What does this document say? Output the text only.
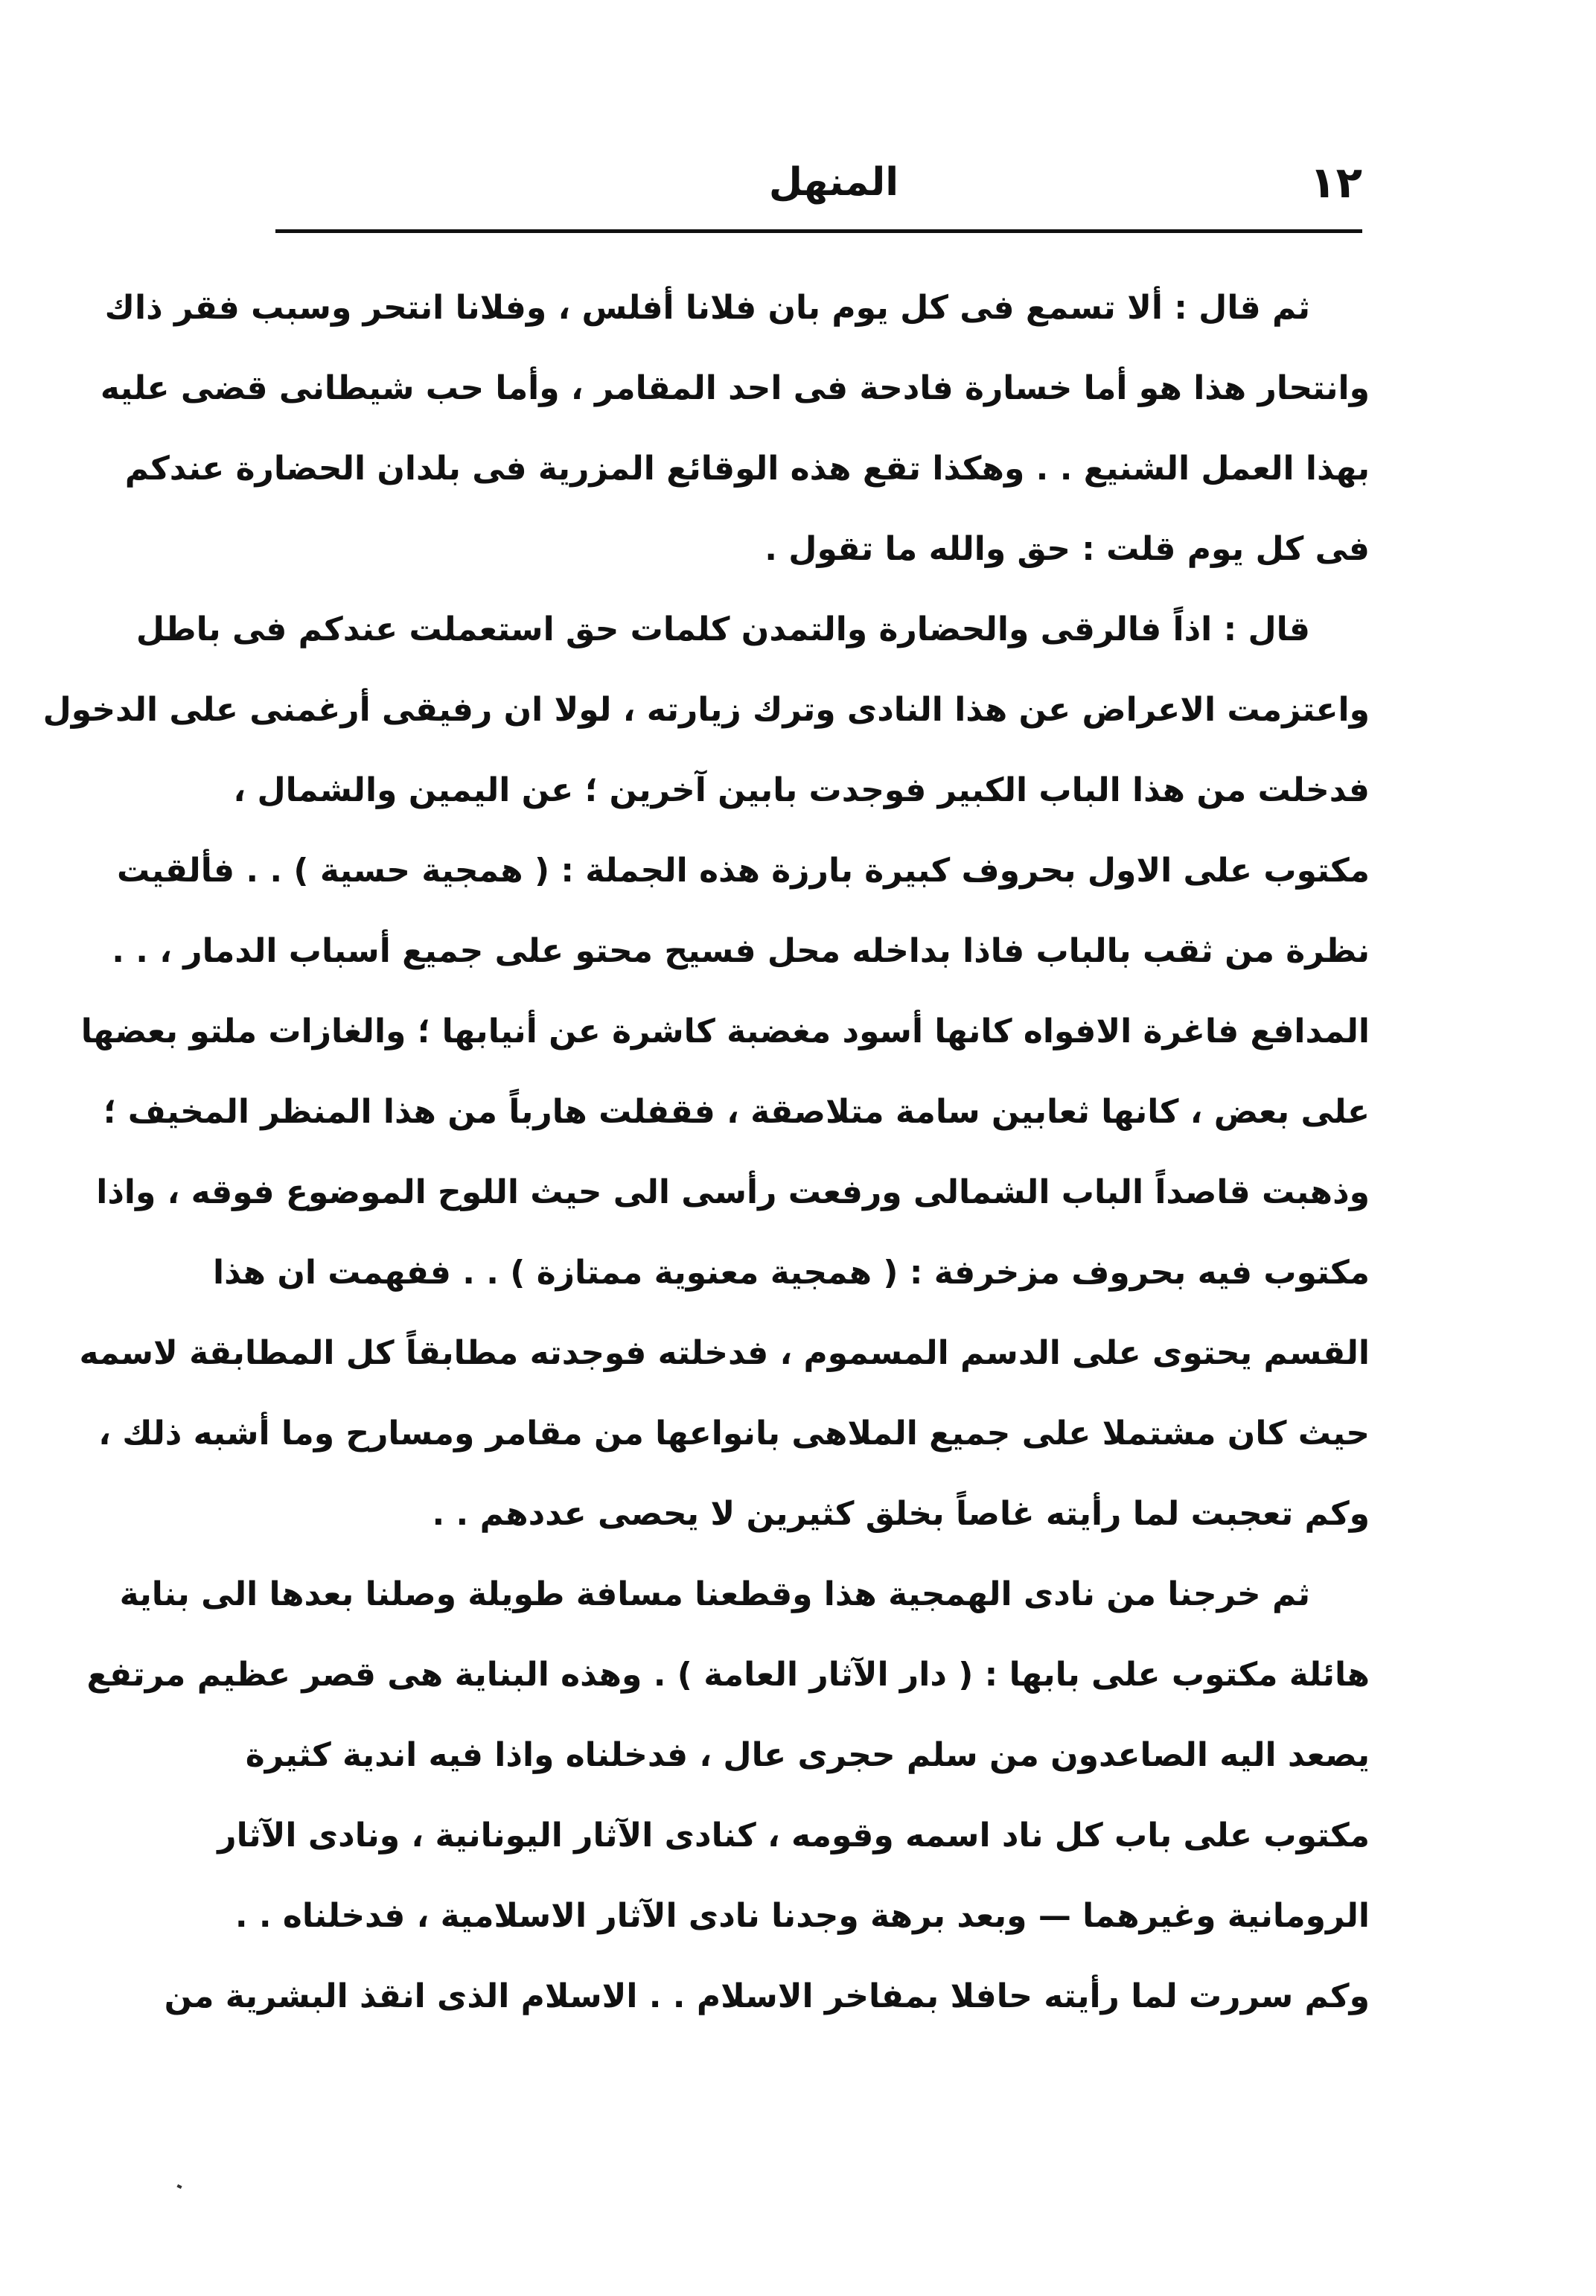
١٢
المنهل
ثم قال : ألا تسمع فى كل يوم بان فلانا أفلس ، وفلانا انتحر وسبب فقر ذاك
وانتحار هذا هو أما خسارة فادحة فى احد المقامر ، وأما حب شيطانى قضى عليه
بهذا العمل الشنيع . . وهكذا تقع هذه الوقائع المزرية فى بلدان الحضارة عندكم
فى كل يوم قلت : حق والله ما تقول .
قال : اذاً فالرقى والحضارة والتمدن كلمات حق استعملت عندكم فى باطل
واعتزمت الاعراض عن هذا النادى وترك زيارته ، لولا ان رفيقى أرغمنى على الدخول
فدخلت من هذا الباب الكبير فوجدت بابين آخرين ؛ عن اليمين والشمال ،
مكتوب على الاول بحروف كبيرة بارزة هذه الجملة : ( همجية حسية ) . . فألقيت
نظرة من ثقب بالباب فاذا بداخله محل فسيح محتو على جميع أسباب الدمار ، . .
المدافع فاغرة الافواه كانها أسود مغضبة كاشرة عن أنيابها ؛ والغازات ملتو بعضها
على بعض ، كانها ثعابين سامة متلاصقة ، فقفلت هارباً من هذا المنظر المخيف ؛
وذهبت قاصداً الباب الشمالى ورفعت رأسى الى حيث اللوح الموضوع فوقه ، واذا
مكتوب فيه بحروف مزخرفة : ( همجية معنوية ممتازة ) . . ففهمت ان هذا
القسم يحتوى على الدسم المسموم ، فدخلته فوجدته مطابقاً كل المطابقة لاسمه
حيث كان مشتملا على جميع الملاهى بانواعها من مقامر ومسارح وما أشبه ذلك ،
وكم تعجبت لما رأيته غاصاً بخلق كثيرين لا يحصى عددهم . .
ثم خرجنا من نادى الهمجية هذا وقطعنا مسافة طويلة وصلنا بعدها الى بناية
هائلة مكتوب على بابها : ( دار الآثار العامة ) . وهذه البناية هى قصر عظيم مرتفع
يصعد اليه الصاعدون من سلم حجرى عال ، فدخلناه واذا فيه اندية كثيرة
مكتوب على باب كل ناد اسمه وقومه ، كنادى الآثار اليونانية ، ونادى الآثار
الرومانية وغيرهما — وبعد برهة وجدنا نادى الآثار الاسلامية ، فدخلناه . .
وكم سررت لما رأيته حافلا بمفاخر الاسلام . . الاسلام الذى انقذ البشرية من
